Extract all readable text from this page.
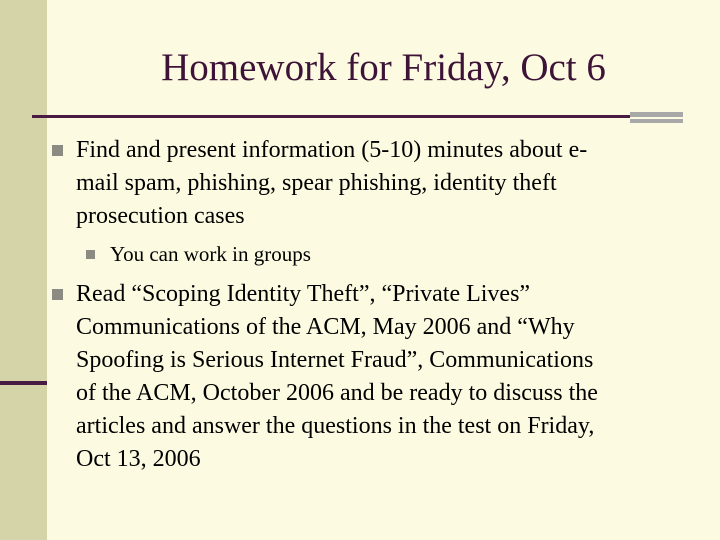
Homework for Friday, Oct 6
Find and present information (5-10) minutes about e-
mail spam, phishing, spear phishing, identity theft
prosecution cases
You can work in groups
Read “Scoping Identity Theft”, “Private Lives”
Communications of the ACM, May 2006 and “Why
Spoofing is Serious Internet Fraud”, Communications
of the ACM, October 2006 and be ready to discuss the
articles and answer the questions in the test on Friday,
Oct 13, 2006
